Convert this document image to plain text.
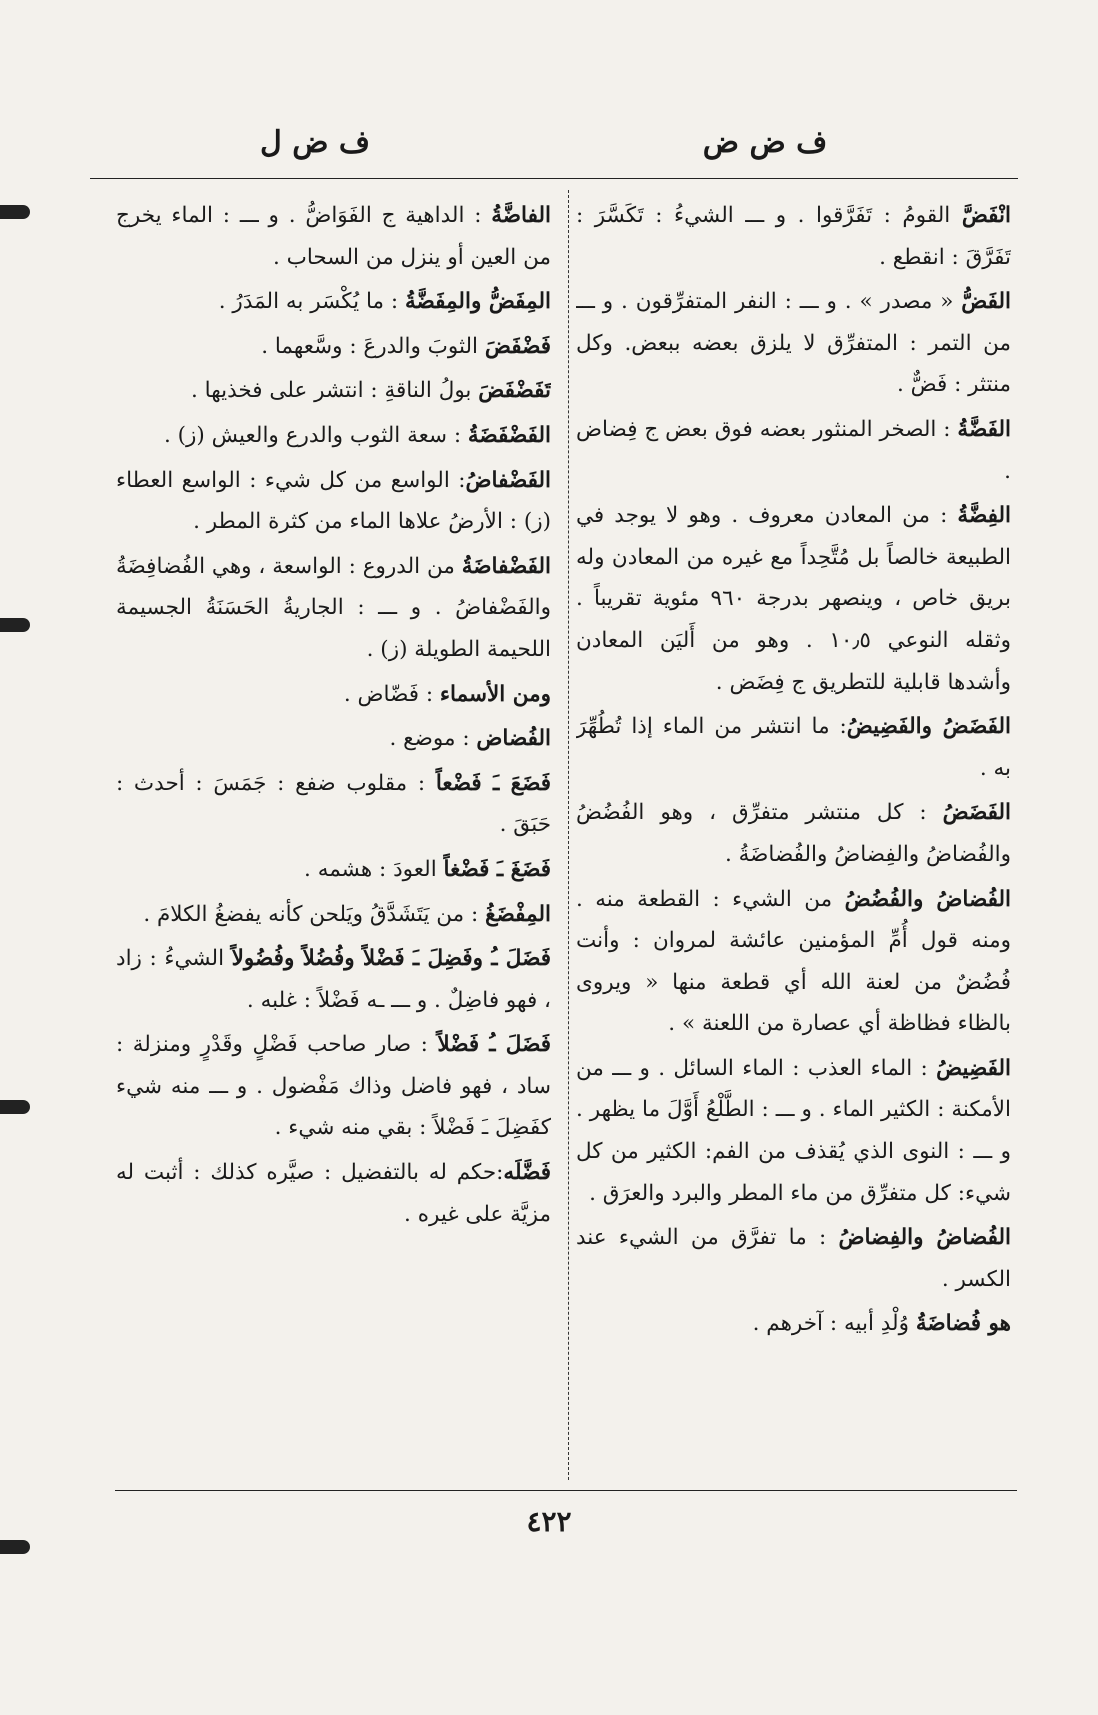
ف ض ض
ف ض ل

انْفَضَّ القومُ : تَفَرَّقوا . و ـــ الشيءُ : تَكَسَّرَ : تَفَرَّقَ : انقطع .

الفَضُّ « مصدر » . و ـــ : النفر المتفرِّقون . و ـــ من التمر : المتفرِّق لا يلزق بعضه ببعض. وكل منتثر : فَضٌّ .

الفَضَّةُ : الصخر المنثور بعضه فوق بعض ج فِضاض .

الفِضَّةُ : من المعادن معروف . وهو لا يوجد في الطبيعة خالصاً بل مُتَّحِداً مع غيره من المعادن وله بريق خاص ، وينصهر بدرجة ٩٦٠ مئوية تقريباً . وثقله النوعي ١٠٫٥ . وهو من أَليَن المعادن وأشدها قابلية للتطريق ج فِضَض .

الفَضَضُ والفَضِيضُ: ما انتشر من الماء إذا تُطُهِّرَ به .

الفَضَضُ : كل منتشر متفرِّق ، وهو الفُضُضُ والفُضاضُ والفِضاضُ والفُضاضَةُ .

الفُضاضُ والفُضُضُ من الشيء : القطعة منه . ومنه قول أُمِّ المؤمنين عائشة لمروان : وأنت فُضُضٌ من لعنة الله أي قطعة منها « ويروى بالظاء فظاظة أي عصارة من اللعنة » .

الفَضِيضُ : الماء العذب : الماء السائل . و ـــ من الأمكنة : الكثير الماء . و ـــ : الطَّلْعُ أَوَّلَ ما يظهر . و ـــ : النوى الذي يُقذف من الفم: الكثير من كل شيء: كل متفرِّق من ماء المطر والبرد والعرَق .

الفُضاضُ والفِضاضُ : ما تفرَّق من الشيء عند الكسر .

هو فُضاضَةُ وُلْدِ أبيه : آخرهم .

الفاضَّةُ : الداهية ج الفَوَاضُّ . و ـــ : الماء يخرج من العين أو ينزل من السحاب .

المِفَضُّ والمِفَضَّةُ : ما يُكْسَر به المَدَرُ .

فَضْفَضَ الثوبَ والدرعَ : وسَّعهما .

تَفَضْفَضَ بولُ الناقةِ : انتشر على فخذيها .

الفَضْفَضَةُ : سعة الثوب والدرع والعيش (ز) .

الفَضْفاضُ: الواسع من كل شيء : الواسع العطاء (ز) : الأرضُ علاها الماء من كثرة المطر .

الفَضْفاضَةُ من الدروع : الواسعة ، وهي الفُضافِضَةُ والفَضْفاضُ . و ـــ : الجاريةُ الحَسَنَةُ الجسيمة اللحيمة الطويلة (ز) .

ومن الأسماء : فَضّاض .

الفُضاض : موضع .

فَضَعَ ـَ فَضْعاً : مقلوب ضفع : جَمَسَ : أحدث : حَبَقَ .

فَضَغَ ـَ فَضْغاً العودَ : هشمه .

المِفْضَغُ : من يَتَشَدَّقُ ويَلحن كأنه يفضغُ الكلامَ .

فَضَلَ ـُ وفَضِلَ ـَ فَضْلاً وفُضُلاً وفُضُولاً الشيءُ : زاد ، فهو فاضِلٌ . و ـــ ـه فَضْلاً : غلبه .

فَضَلَ ـُ فَضْلاً : صار صاحب فَضْلٍ وقَدْرٍ ومنزلة : ساد ، فهو فاضل وذاك مَفْضول . و ـــ منه شيء كفَضِلَ ـَ فَضْلاً : بقي منه شيء .

فَضَّلَه:حكم له بالتفضيل : صيَّره كذلك : أثبت له مزيَّة على غيره .

٤٢٢
